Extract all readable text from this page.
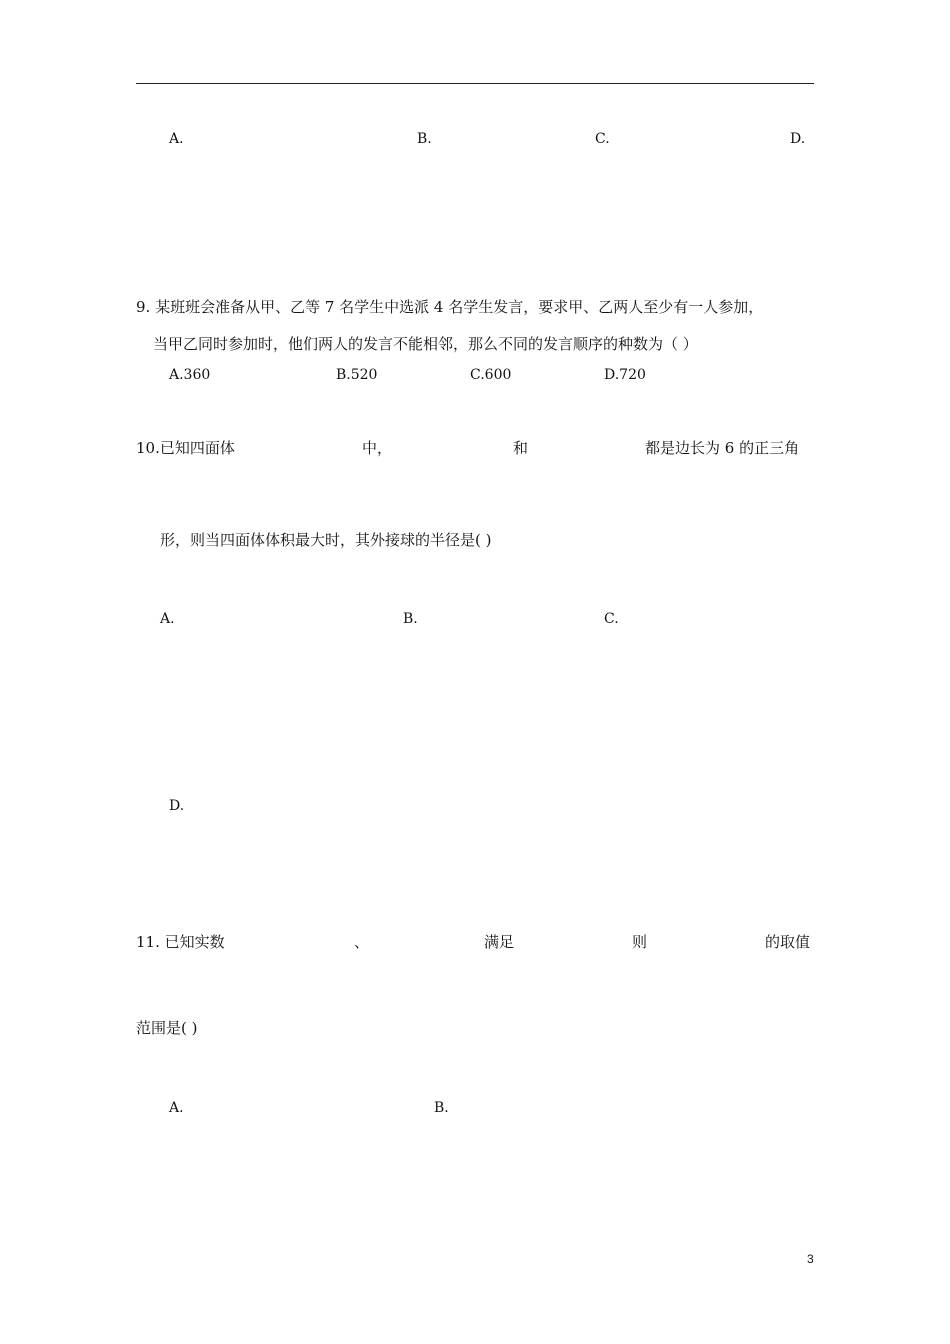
A.	B.	C.	D.
9. 某班班会准备从甲、乙等 7 名学生中选派 4 名学生发言，要求甲、乙两人至少有一人参加，
当甲乙同时参加时，他们两人的发言不能相邻，那么不同的发言顺序的种数为（ ）
A.360	B.520	C.600	D.720
10.已知四面体	中，	和	都是边长为 6 的正三角
形，则当四面体体积最大时，其外接球的半径是( )
A.	B.	C.
D.
11. 已知实数	、	满足	则	的取值
范围是( )
A.	B.
3
